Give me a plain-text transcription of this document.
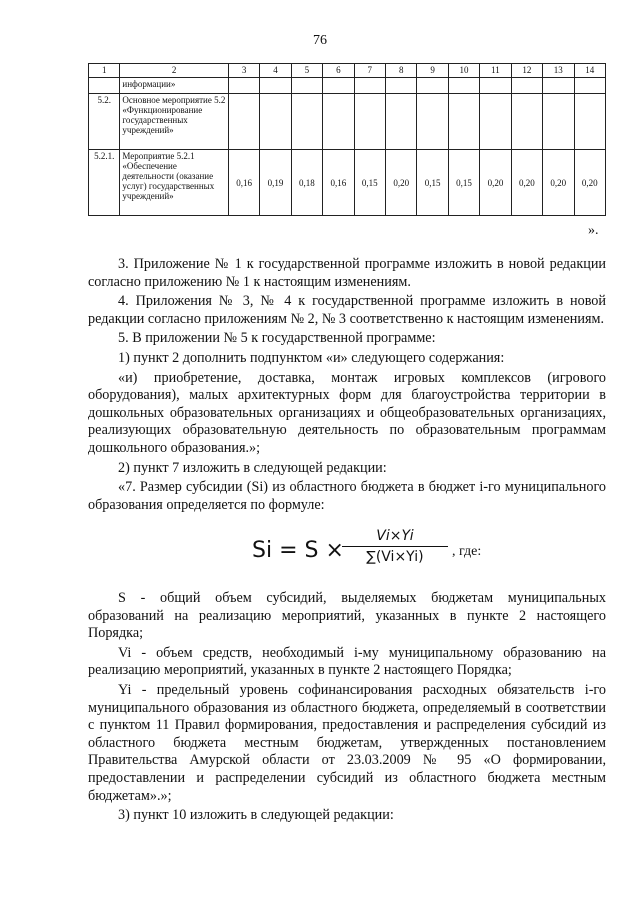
76
1	2	3	4	5	6	7	8	9	10	11	12	13	14
	информации»												
5.2.	Основное мероприятие 5.2 «Функционирование государственных учреждений»												
5.2.1.	Мероприятие 5.2.1 «Обеспечение деятельности (оказание услуг) государственных учреждений»	0,16	0,19	0,18	0,16	0,15	0,20	0,15	0,15	0,20	0,20	0,20	0,20
».

3. Приложение № 1 к государственной программе изложить в новой редакции согласно приложению № 1 к настоящим изменениям.

4. Приложения № 3, № 4 к государственной программе изложить в новой редакции согласно приложениям № 2, № 3 соответственно к настоящим изменениям.

5. В приложении № 5 к государственной программе:

1) пункт 2 дополнить подпунктом «и» следующего содержания:

«и) приобретение, доставка, монтаж игровых комплексов (игрового оборудования), малых архитектурных форм для благоустройства территории в дошкольных образовательных организациях и общеобразовательных организациях, реализующих образовательную деятельность по образовательным программам дошкольного образования.»;

2) пункт 7 изложить в следующей редакции:

«7. Размер субсидии (Si) из областного бюджета в бюджет i-го муниципального образования определяется по формуле:

Si = S ×
$\frac{Vi\times Yi}{\sum(Vi\times Yi)}$ , где:

S - общий объем субсидий, выделяемых бюджетам муниципальных образований на реализацию мероприятий, указанных в пункте 2 настоящего Порядка;

Vi - объем средств, необходимый i-му муниципальному образованию на реализацию мероприятий, указанных в пункте 2 настоящего Порядка;

Yi - предельный уровень софинансирования расходных обязательств i-го муниципального образования из областного бюджета, определяемый в соответствии с пунктом 11 Правил формирования, предоставления и распределения субсидий из областного бюджета местным бюджетам, утвержденных постановлением Правительства Амурской области от 23.03.2009 № 95 «О формировании, предоставлении и распределении субсидий из областного бюджета местным бюджетам».»;

3) пункт 10 изложить в следующей редакции:
